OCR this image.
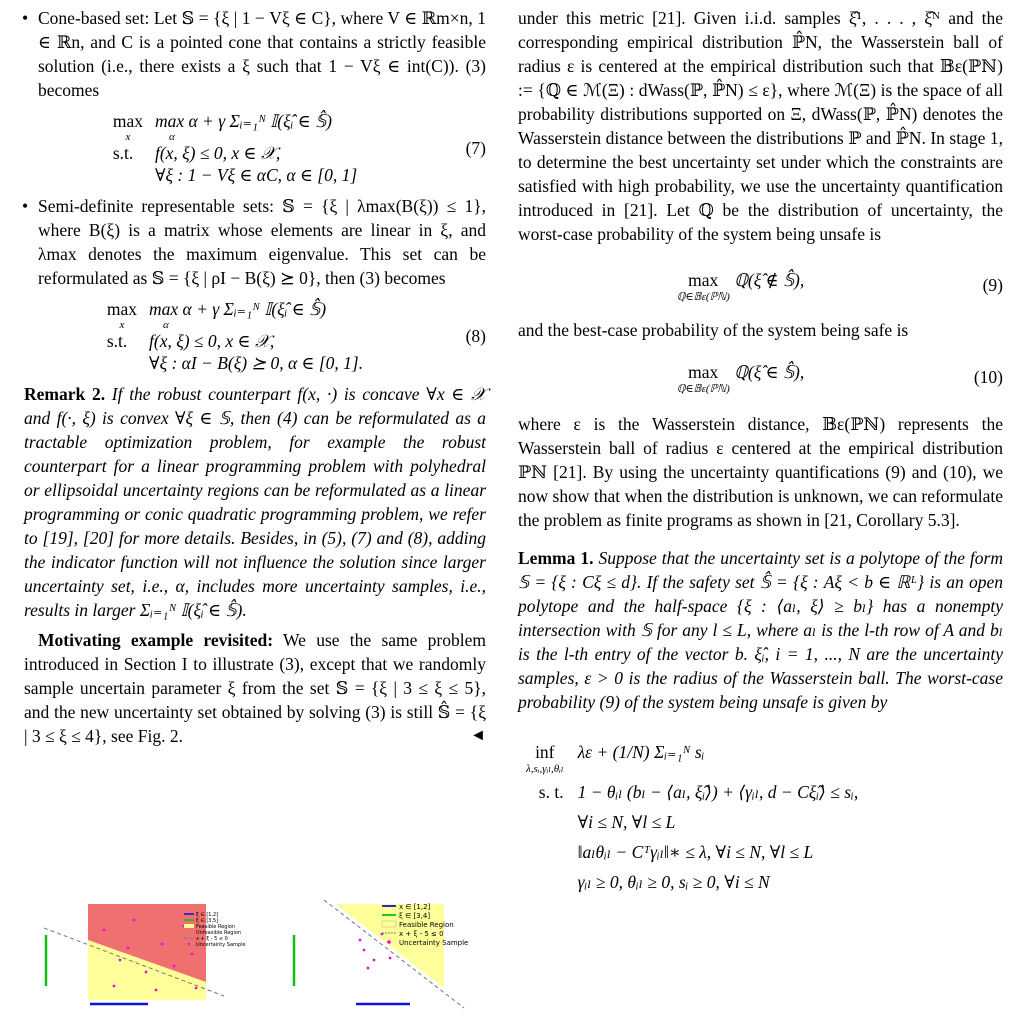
• Cone-based set: Let 𝕊 = {ξ | 1 − Vξ ∈ C}, where V ∈ ℝm×n, 1 ∈ ℝn, and C is a pointed cone that contains a strictly feasible solution (i.e., there exists a ξ such that 1 − Vξ ∈ int(C)). (3) becomes
max
x	max α + γ Σᵢ₌₁ᴺ 𝕀(ξ̂ᵢ ∈ 𝕊̂)
α

s.t.	f(x, ξ) ≤ 0, x ∈ 𝒳,
	∀ξ : 1 − Vξ ∈ αC, α ∈ [0, 1]
(7)
• Semi-definite representable sets: 𝕊 = {ξ | λmax(B(ξ)) ≤ 1}, where B(ξ) is a matrix whose elements are linear in ξ, and λmax denotes the maximum eigenvalue. This set can be reformulated as 𝕊 = {ξ | ρI − B(ξ) ⪰ 0}, then (3) becomes
max
x	max α + γ Σᵢ₌₁ᴺ 𝕀(ξ̂ᵢ ∈ 𝕊̂)
α

s.t.	f(x, ξ) ≤ 0, x ∈ 𝒳,
	∀ξ : αI − B(ξ) ⪰ 0, α ∈ [0, 1].
(8)
Remark 2. If the robust counterpart f(x, ·) is concave ∀x ∈ 𝒳 and f(·, ξ) is convex ∀ξ ∈ 𝕊, then (4) can be reformulated as a tractable optimization problem, for example the robust counterpart for a linear programming problem with polyhedral or ellipsoidal uncertainty regions can be reformulated as a linear programming or conic quadratic programming problem, we refer to [19], [20] for more details. Besides, in (5), (7) and (8), adding the indicator function will not influence the solution since larger uncertainty set, i.e., α, includes more uncertainty samples, i.e., results in larger Σᵢ₌₁ᴺ 𝕀(ξ̂ᵢ ∈ 𝕊̂).
Motivating example revisited: We use the same problem introduced in Section I to illustrate (3), except that we randomly sample uncertain parameter ξ from the set 𝕊 = {ξ | 3 ≤ ξ ≤ 5}, and the new uncertainty set obtained by solving (3) is still 𝕊̂ = {ξ | 3 ≤ ξ ≤ 4}, see Fig. 2.	◄
ξ ∈ [1,2]
ξ ∈ [3,5]
Feasible Region
Unfeasible Region
x + ξ - 5 ≤ 0
Uncertainty Sample
x ∈ [1,2]
ξ ∈ [3,4]
Feasible Region
x + ξ - 5 ≤ 0
Uncertainty Sample
under this metric [21]. Given i.i.d. samples ξ̂¹, . . . , ξ̂ᴺ and the corresponding empirical distribution ℙ̂N, the Wasserstein ball of radius ε is centered at the empirical distribution such that 𝔹ε(ℙℕ) := {ℚ ∈ ℳ(Ξ) : dWass(ℙ, ℙ̂N) ≤ ε}, where ℳ(Ξ) is the space of all probability distributions supported on Ξ, dWass(ℙ, ℙ̂N) denotes the Wasserstein distance between the distributions ℙ and ℙ̂N. In stage 1, to determine the best uncertainty set under which the constraints are satisfied with high probability, we use the uncertainty quantification introduced in [21]. Let ℚ be the distribution of uncertainty, the worst-case probability of the system being unsafe is
max
ℚ∈𝔹ε(ℙℕ)
ℚ(ξ̂ ∉ 𝕊̂),	(9)
and the best-case probability of the system being safe is
max
ℚ∈𝔹ε(ℙℕ)
ℚ(ξ̂ ∈ 𝕊̂),	(10)
where ε is the Wasserstein distance, 𝔹ε(ℙℕ) represents the Wasserstein ball of radius ε centered at the empirical distribution ℙℕ [21]. By using the uncertainty quantifications (9) and (10), we now show that when the distribution is unknown, we can reformulate the problem as finite programs as shown in [21, Corollary 5.3].
Lemma 1. Suppose that the uncertainty set is a polytope of the form 𝕊 = {ξ : Cξ ≤ d}. If the safety set 𝕊̂ = {ξ : Aξ < b ∈ ℝᴸ} is an open polytope and the half-space {ξ : ⟨aₗ, ξ⟩ ≥ bₗ} has a nonempty intersection with 𝕊 for any l ≤ L, where aₗ is the l-th row of A and bₗ is the l-th entry of the vector b. ξ̂ᵢ, i = 1, ..., N are the uncertainty samples, ε > 0 is the radius of the Wasserstein ball. The worst-case probability (9) of the system being unsafe is given by
inf
λ,sᵢ,γᵢₗ,θᵢₗ	λε + (1/N) Σᵢ₌₁ᴺ sᵢ
s. t.	1 − θᵢₗ (bₗ − ⟨aₗ, ξ̂ᵢ⟩) + ⟨γᵢₗ, d − Cξ̂ᵢ⟩ ≤ sᵢ,
	∀i ≤ N, ∀l ≤ L
	‖aₗθᵢₗ − Cᵀγᵢₗ‖∗ ≤ λ, ∀i ≤ N, ∀l ≤ L
	γᵢₗ ≥ 0, θᵢₗ ≥ 0, sᵢ ≥ 0, ∀i ≤ N
